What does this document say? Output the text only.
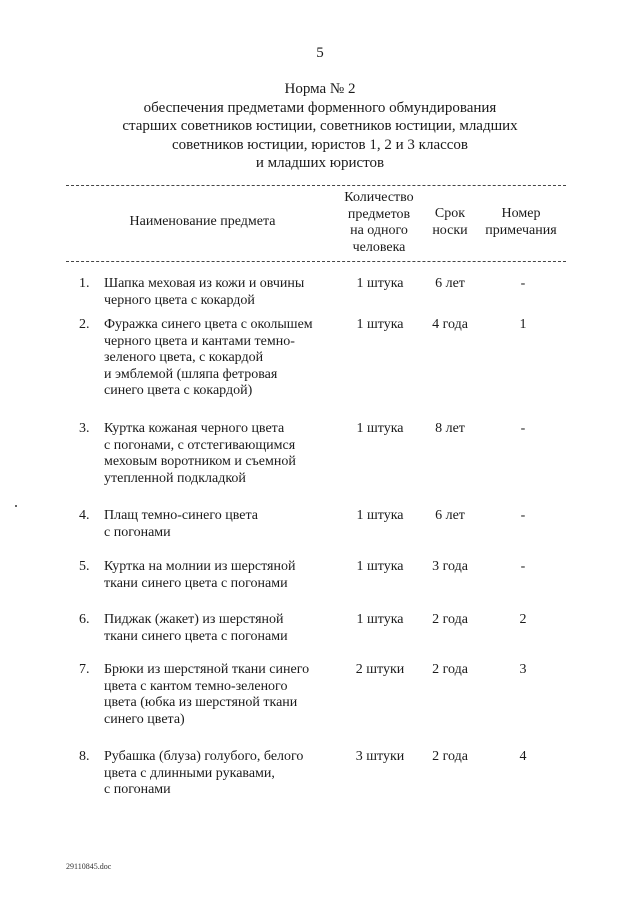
5
Норма № 2
обеспечения предметами форменного обмундирования
старших советников юстиции, советников юстиции, младших
советников юстиции, юристов 1, 2 и 3 классов
и младших юристов
Наименование предмета
Количество
предметов
на одного
человека
Срок
носки
Номер
примечания
1.	Шапка меховая из кожи и овчины
черного цвета с кокардой
1 штука	6 лет	-
2.	Фуражка синего цвета с околышем
черного цвета и кантами темно-
зеленого цвета, с кокардой
и эмблемой (шляпа фетровая
синего цвета с кокардой)
1 штука	4 года	1
3.	Куртка кожаная черного цвета
с погонами, с отстегивающимся
меховым воротником и съемной
утепленной подкладкой
1 штука	8 лет	-
4.	Плащ темно-синего цвета
с погонами
1 штука	6 лет	-
5.	Куртка на молнии из шерстяной
ткани синего цвета с погонами
1 штука	3 года	-
6.	Пиджак (жакет) из шерстяной
ткани синего цвета с погонами
1 штука	2 года	2
7.	Брюки из шерстяной ткани синего
цвета с кантом темно-зеленого
цвета (юбка из шерстяной ткани
синего цвета)
2 штуки	2 года	3
8.	Рубашка (блуза) голубого, белого
цвета с длинными рукавами,
с погонами
3 штуки	2 года	4
29110845.doc
